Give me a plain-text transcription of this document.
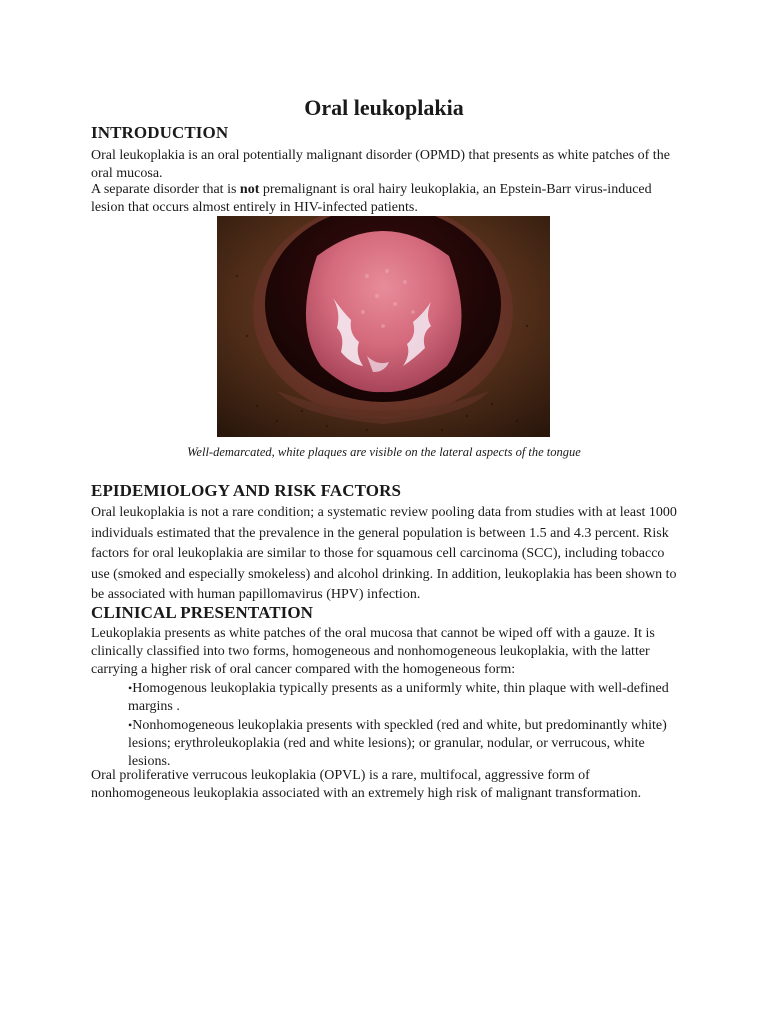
Oral leukoplakia
INTRODUCTION

Oral leukoplakia is an oral potentially malignant disorder (OPMD) that presents as white patches of the oral mucosa.

A separate disorder that is not premalignant is oral hairy leukoplakia, an Epstein-Barr virus-induced lesion that occurs almost entirely in HIV-infected patients.

Well-demarcated, white plaques are visible on the lateral aspects of the tongue

EPIDEMIOLOGY AND RISK FACTORS

Oral leukoplakia is not a rare condition; a systematic review pooling data from studies with at least 1000 individuals estimated that the prevalence in the general population is between 1.5 and 4.3 percent. Risk factors for oral leukoplakia are similar to those for squamous cell carcinoma (SCC), including tobacco use (smoked and especially smokeless) and alcohol drinking. In addition, leukoplakia has been shown to be associated with human papillomavirus (HPV) infection.

CLINICAL PRESENTATION

Leukoplakia presents as white patches of the oral mucosa that cannot be wiped off with a gauze. It is clinically classified into two forms, homogeneous and nonhomogeneous leukoplakia, with the latter carrying a higher risk of oral cancer compared with the homogeneous form:

•Homogenous leukoplakia typically presents as a uniformly white, thin plaque with well-defined margins .
•Nonhomogeneous leukoplakia presents with speckled (red and white, but predominantly white) lesions; erythroleukoplakia (red and white lesions); or granular, nodular, or verrucous, white lesions.

Oral proliferative verrucous leukoplakia (OPVL) is a rare, multifocal, aggressive form of nonhomogeneous leukoplakia associated with an extremely high risk of malignant transformation.
